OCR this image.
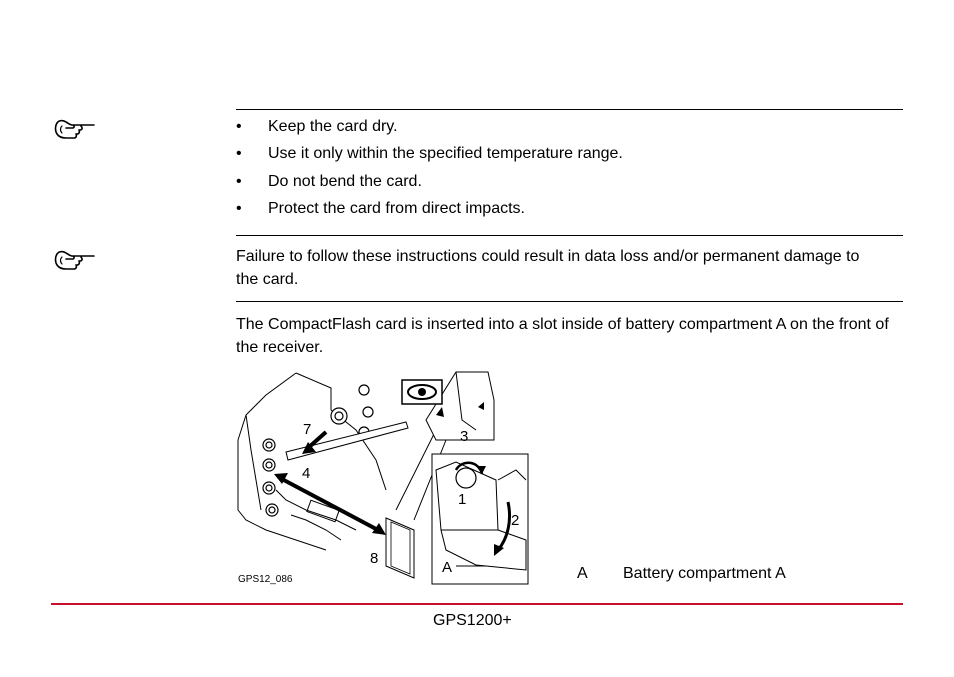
• Keep the card dry.
• Use it only within the specified temperature range.
• Do not bend the card.
• Protect the card from direct impacts.

Failure to follow these instructions could result in data loss and/or permanent damage to the card.

The CompactFlash card is inserted into a slot inside of battery compartment A on the front of the receiver.

7
4
8
3
1
2
A
GPS12_086	A Battery compartment A
GPS1200+
